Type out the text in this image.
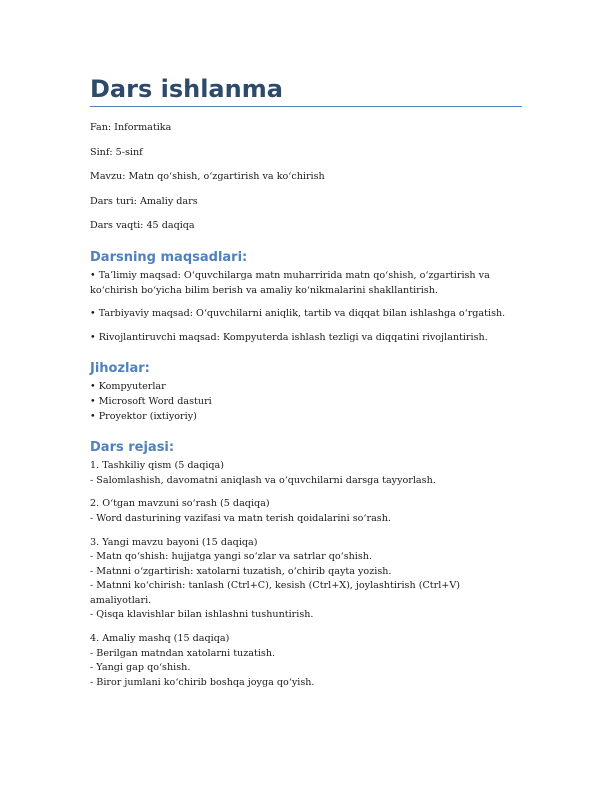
Dars ishlanma

Fan: Informatika

Sinf: 5-sinf

Mavzu: Matn qo‘shish, o‘zgartirish va ko‘chirish

Dars turi: Amaliy dars

Dars vaqti: 45 daqiqa

Darsning maqsadlari:

• Ta’limiy maqsad: O‘quvchilarga matn muharririda matn qo‘shish, o‘zgartirish va ko‘chirish bo‘yicha bilim berish va amaliy ko‘nikmalarini shakllantirish.

• Tarbiyaviy maqsad: O‘quvchilarni aniqlik, tartib va diqqat bilan ishlashga o‘rgatish.

• Rivojlantiruvchi maqsad: Kompyuterda ishlash tezligi va diqqatini rivojlantirish.

Jihozlar:

• Kompyuterlar

• Microsoft Word dasturi

• Proyektor (ixtiyoriy)

Dars rejasi:

1. Tashkiliy qism (5 daqiqa)

- Salomlashish, davomatni aniqlash va o‘quvchilarni darsga tayyorlash.

2. O‘tgan mavzuni so‘rash (5 daqiqa)

- Word dasturining vazifasi va matn terish qoidalarini so‘rash.

3. Yangi mavzu bayoni (15 daqiqa)

- Matn qo‘shish: hujjatga yangi so‘zlar va satrlar qo‘shish.

- Matnni o‘zgartirish: xatolarni tuzatish, o‘chirib qayta yozish.

- Matnni ko‘chirish: tanlash (Ctrl+C), kesish (Ctrl+X), joylashtirish (Ctrl+V) amaliyotlari.

- Qisqa klavishlar bilan ishlashni tushuntirish.

4. Amaliy mashq (15 daqiqa)

- Berilgan matndan xatolarni tuzatish.

- Yangi gap qo‘shish.

- Biror jumlani ko‘chirib boshqa joyga qo‘yish.
